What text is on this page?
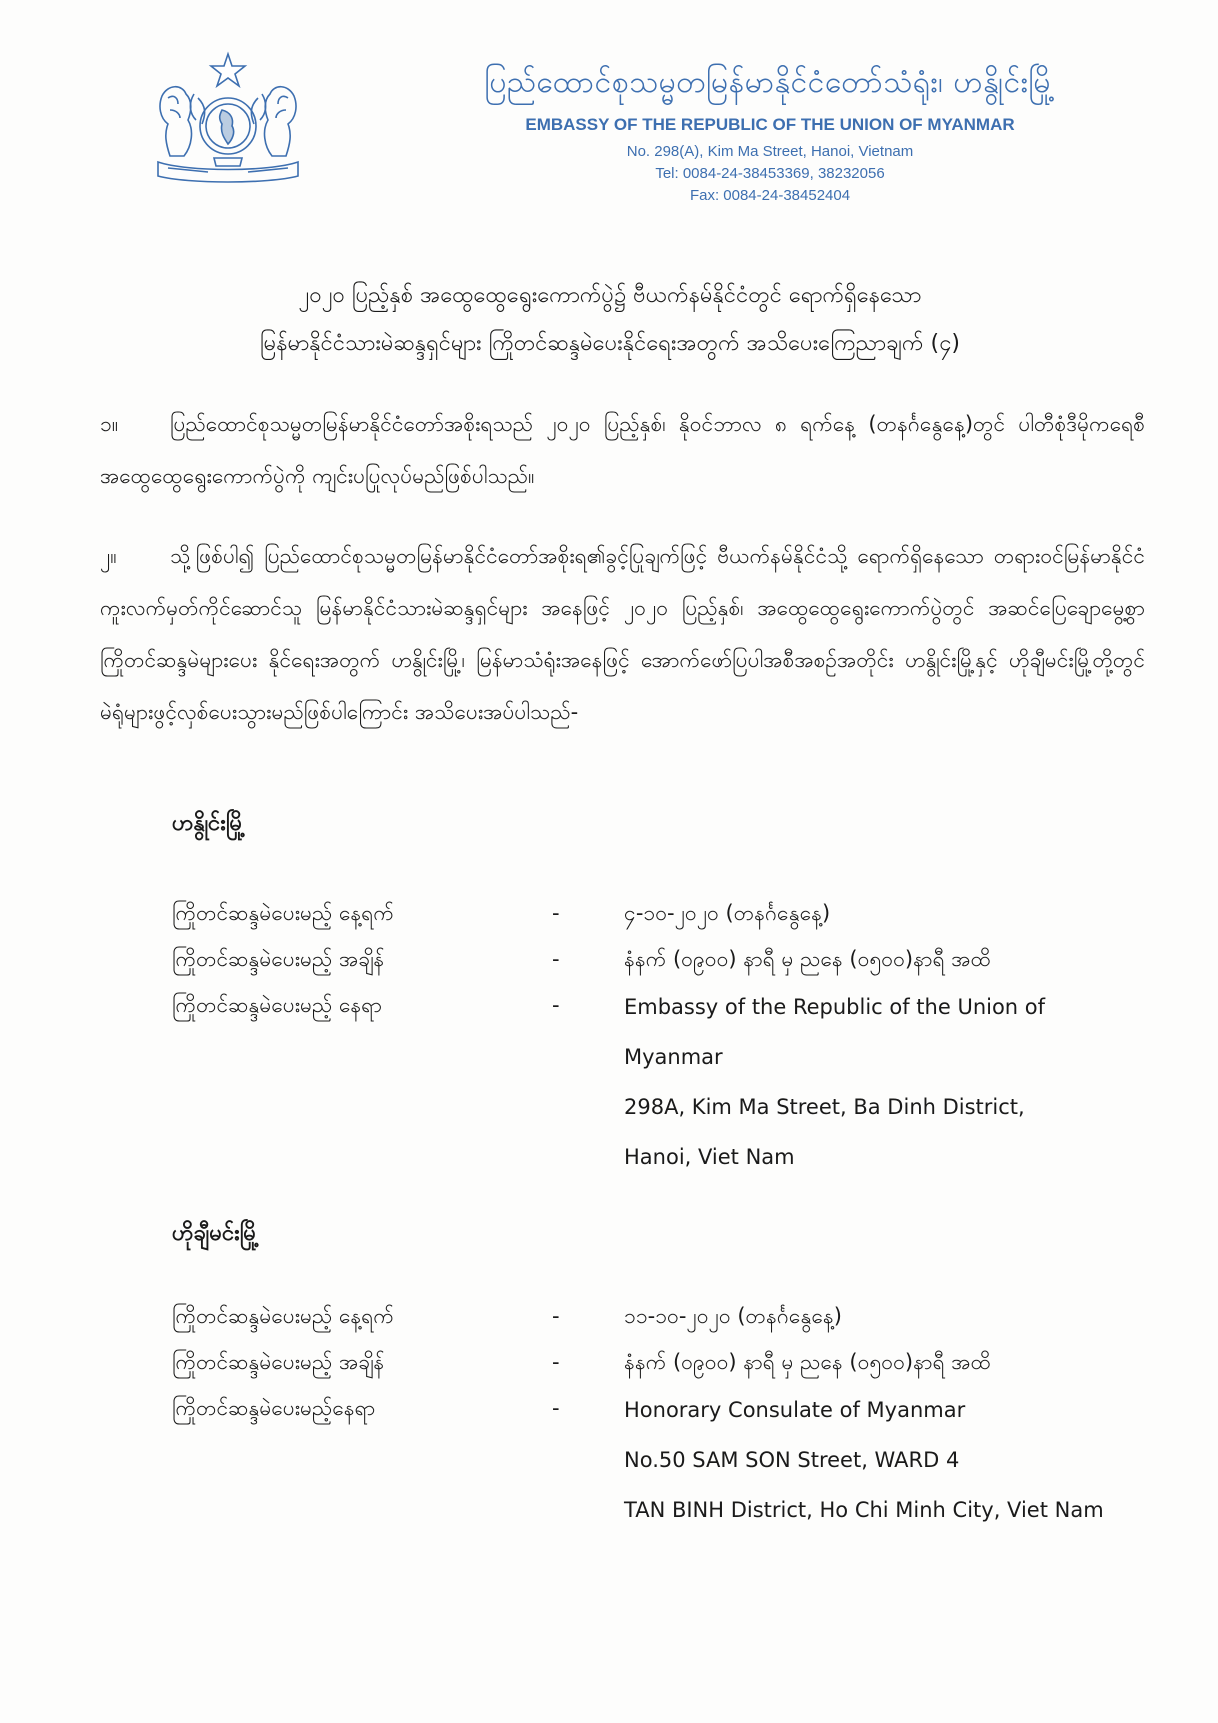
ပြည်ထောင်စုသမ္မတမြန်မာနိုင်ငံတော်သံရုံး၊ ဟနွိုင်းမြို့
EMBASSY OF THE REPUBLIC OF THE UNION OF MYANMAR
No. 298(A), Kim Ma Street, Hanoi, Vietnam
Tel: 0084-24-38453369, 38232056
Fax: 0084-24-38452404
၂၀၂၀ ပြည့်နှစ် အထွေထွေရွေးကောက်ပွဲ၌ ဗီယက်နမ်နိုင်ငံတွင် ရောက်ရှိနေသော
မြန်မာနိုင်ငံသားမဲဆန္ဒရှင်များ ကြိုတင်ဆန္ဒမဲပေးနိုင်ရေးအတွက် အသိပေးကြေညာချက် (၄)
၁။ ပြည်ထောင်စုသမ္မတမြန်မာနိုင်ငံတော်အစိုးရသည် ၂၀၂၀ ပြည့်နှစ်၊ နိုဝင်ဘာလ ၈ ရက်နေ့ (တနင်္ဂနွေနေ့)တွင် ပါတီစုံဒီမိုကရေစီအထွေထွေရွေးကောက်ပွဲကို ကျင်းပပြုလုပ်မည်ဖြစ်ပါသည်။
၂။	သို့ဖြစ်ပါ၍ ပြည်ထောင်စုသမ္မတမြန်မာနိုင်ငံတော်အစိုးရ၏ခွင့်ပြုချက်ဖြင့် ဗီယက်နမ်နိုင်ငံသို့ ရောက်ရှိနေသော တရားဝင်မြန်မာနိုင်ငံကူးလက်မှတ်ကိုင်ဆောင်သူ မြန်မာနိုင်ငံသားမဲဆန္ဒရှင်များ အနေဖြင့် ၂၀၂၀ ပြည့်နှစ်၊ အထွေထွေရွေးကောက်ပွဲတွင် အဆင်ပြေချောမွေ့စွာ ကြိုတင်ဆန္ဒမဲများပေး နိုင်ရေးအတွက် ဟနွိုင်းမြို့၊ မြန်မာသံရုံးအနေဖြင့် အောက်ဖော်ပြပါအစီအစဉ်အတိုင်း ဟနွိုင်းမြို့နှင့် ဟိုချီမင်းမြို့တို့တွင် မဲရုံများဖွင့်လှစ်ပေးသွားမည်ဖြစ်ပါကြောင်း အသိပေးအပ်ပါသည်-
ဟနွိုင်းမြို့
ကြိုတင်ဆန္ဒမဲပေးမည့် နေ့ရက်	-	၄-၁၀-၂၀၂၀ (တနင်္ဂနွေနေ့)
ကြိုတင်ဆန္ဒမဲပေးမည့် အချိန်	-	နံနက် (၀၉၀၀) နာရီ မှ ညနေ (၀၅၀၀)နာရီ အထိ
ကြိုတင်ဆန္ဒမဲပေးမည့် နေရာ	-	Embassy of the Republic of the Union of
Myanmar
298A, Kim Ma Street, Ba Dinh District,
Hanoi, Viet Nam
ဟိုချီမင်းမြို့
ကြိုတင်ဆန္ဒမဲပေးမည့် နေ့ရက်	-	၁၁-၁၀-၂၀၂၀ (တနင်္ဂနွေနေ့)
ကြိုတင်ဆန္ဒမဲပေးမည့် အချိန်	-	နံနက် (၀၉၀၀) နာရီ မှ ညနေ (၀၅၀၀)နာရီ အထိ
ကြိုတင်ဆန္ဒမဲပေးမည့်နေရာ	-	Honorary Consulate of Myanmar
No.50 SAM SON Street, WARD 4
TAN BINH District, Ho Chi Minh City, Viet Nam
